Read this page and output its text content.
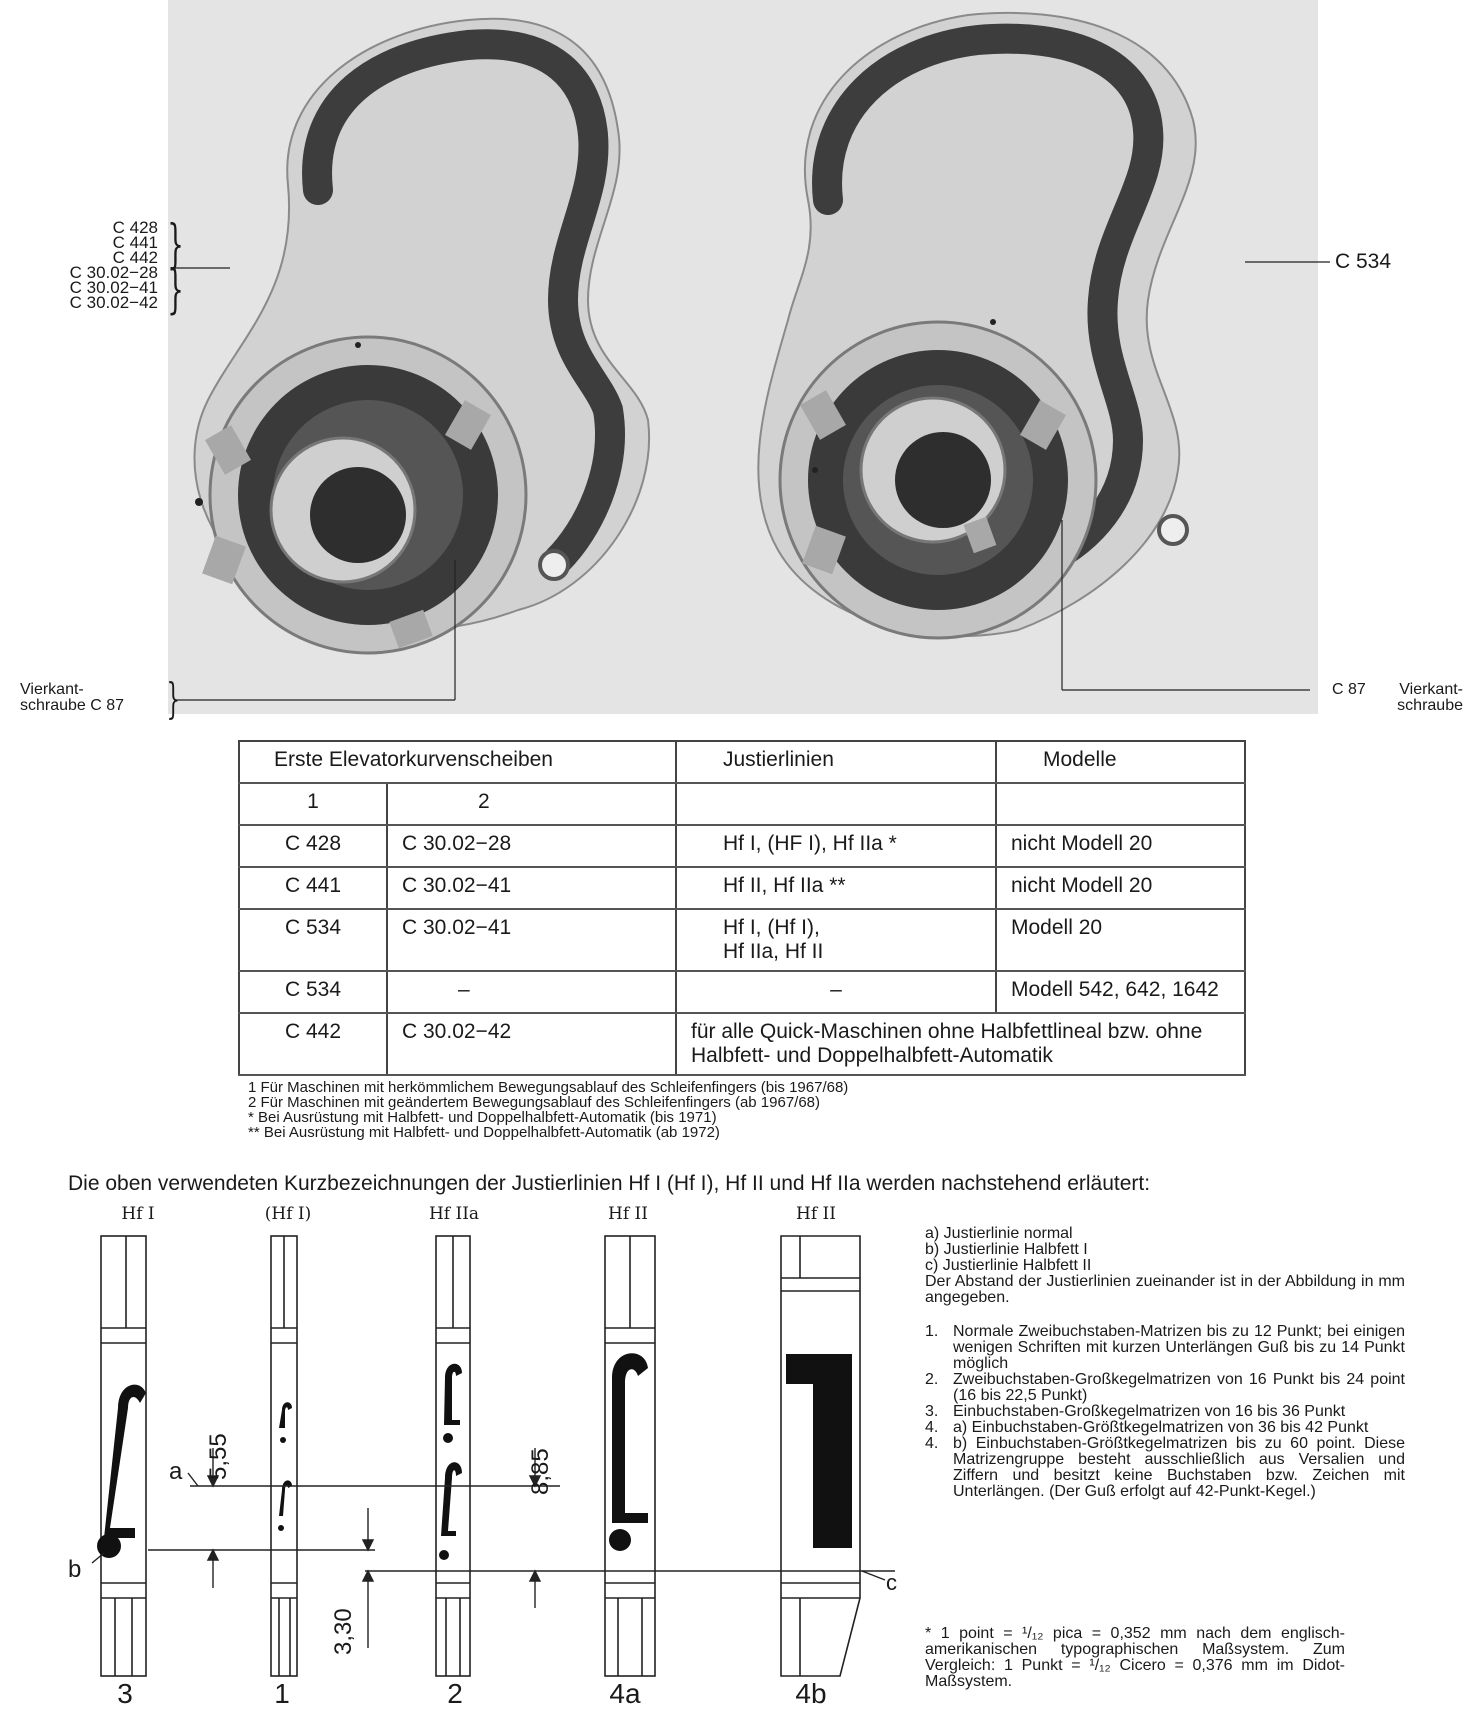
C 428
C 441
C 442
C 30.02−28
C 30.02−41
C 30.02−42
}
}	C 534
Vierkant-
schraube C 87 }	C 87	Vierkant-
schraube
Erste Elevatorkurvenscheiben		Justierlinien	Modelle
1	2		
C 428	C 30.02−28	Hf I, (HF I), Hf IIa *	nicht Modell 20
C 441	C 30.02−41	Hf II, Hf IIa **	nicht Modell 20
C 534	C 30.02−41	Hf I, (Hf I),
Hf IIa, Hf II	Modell 20
C 534	–	–	Modell 542, 642, 1642
C 442	C 30.02−42	für alle Quick-Maschinen ohne Halbfettlineal bzw. ohne
Halbfett- und Doppelhalbfett-Automatik	
1 Für Maschinen mit herkömmlichem Bewegungsablauf des Schleifenfingers (bis 1967/68)
2 Für Maschinen mit geändertem Bewegungsablauf des Schleifenfingers (ab 1967/68)
* Bei Ausrüstung mit Halbfett- und Doppelhalbfett-Automatik (bis 1971)
** Bei Ausrüstung mit Halbfett- und Doppelhalbfett-Automatik (ab 1972)
Die oben verwendeten Kurzbezeichnungen der Justierlinien Hf I (Hf I), Hf II und Hf IIa werden nachstehend erläutert:
Hf I	(Hf I)	Hf IIa	Hf II	Hf II
5,55	8,85
3,30
a
b	c
3	1	2	4a	4b

a) Justierlinie normal

b) Justierlinie Halbfett I

c) Justierlinie Halbfett II

Der Abstand der Justierlinien zueinander ist in der Abbildung in mm angegeben.

1. Normale Zweibuchstaben-Matrizen bis zu 12 Punkt; bei einigen wenigen Schriften mit kurzen Unterlängen Guß bis zu 14 Punkt möglich
2. Zweibuchstaben-Großkegelmatrizen von 16 Punkt bis 24 point (16 bis 22,5 Punkt)
3. Einbuchstaben-Großkegelmatrizen von 16 bis 36 Punkt
4. a) Einbuchstaben-Größtkegelmatrizen von 36 bis 42 Punkt
4. b) Einbuchstaben-Größtkegelmatrizen bis zu 60 point. Diese Matrizengruppe besteht ausschließlich aus Versalien und Ziffern und besitzt keine Buchstaben bzw. Zeichen mit Unterlängen. (Der Guß erfolgt auf 42-Punkt-Kegel.)
* 1 point = ¹/₁₂ pica = 0,352 mm nach dem englisch-amerikanischen typographischen Maßsystem. Zum Vergleich: 1 Punkt = ¹/₁₂ Cicero = 0,376 mm im Didot-Maßsystem.
